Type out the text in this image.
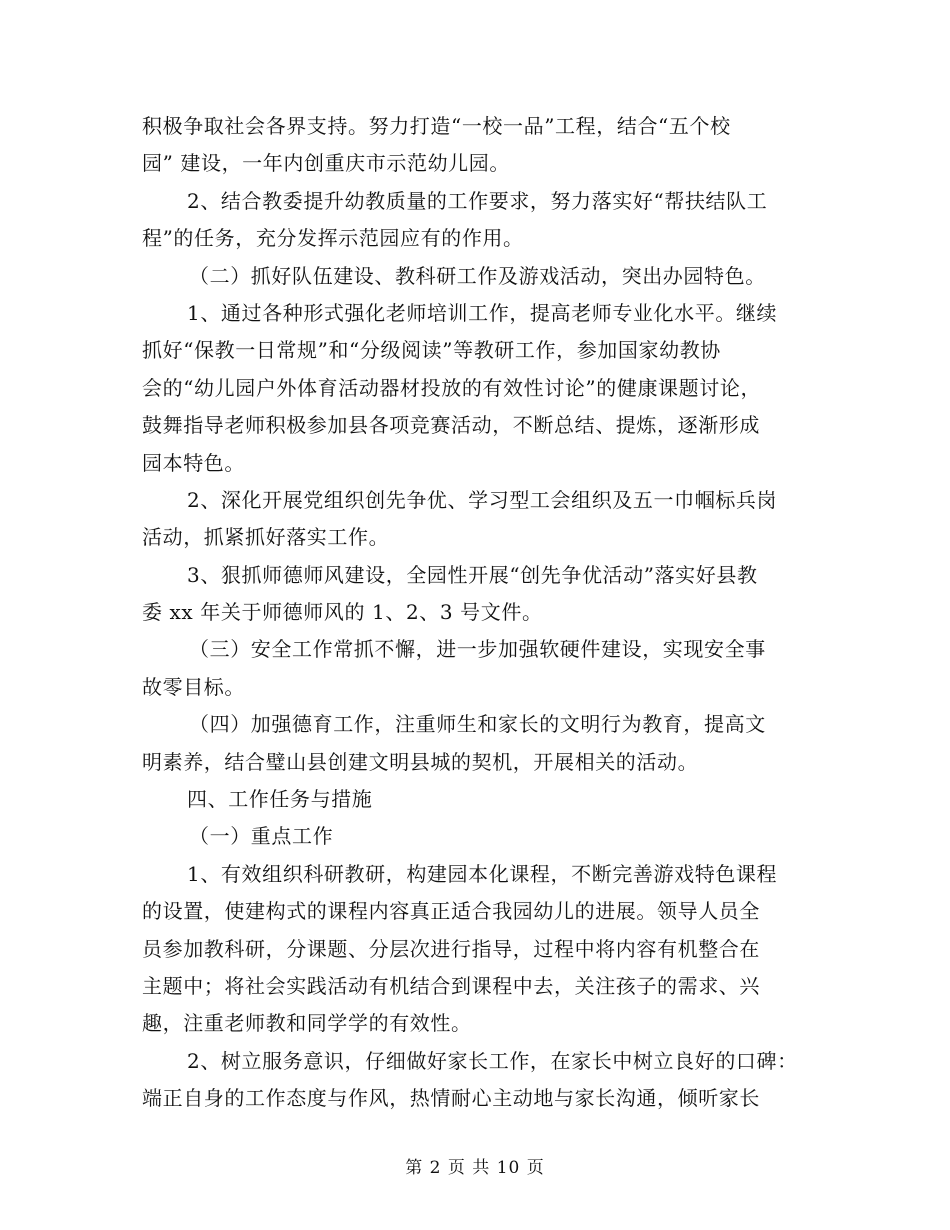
积极争取社会各界支持。努力打造“一校一品”工程，结合“五个校
园” 建设，一年内创重庆市示范幼儿园。
2、结合教委提升幼教质量的工作要求，努力落实好“帮扶结队工
程”的任务，充分发挥示范园应有的作用。
（二）抓好队伍建设、教科研工作及游戏活动，突出办园特色。
1、通过各种形式强化老师培训工作，提高老师专业化水平。继续
抓好“保教一日常规”和“分级阅读”等教研工作，参加国家幼教协
会的“幼儿园户外体育活动器材投放的有效性讨论”的健康课题讨论，
鼓舞指导老师积极参加县各项竞赛活动，不断总结、提炼，逐渐形成
园本特色。
2、深化开展党组织创先争优、学习型工会组织及五一巾帼标兵岗
活动，抓紧抓好落实工作。
3、狠抓师德师风建设，全园性开展“创先争优活动”落实好县教
委 xx 年关于师德师风的 1、2、3 号文件。
（三）安全工作常抓不懈，进一步加强软硬件建设，实现安全事
故零目标。
（四）加强德育工作，注重师生和家长的文明行为教育，提高文
明素养，结合璧山县创建文明县城的契机，开展相关的活动。
四、工作任务与措施
（一）重点工作
1、有效组织科研教研，构建园本化课程，不断完善游戏特色课程
的设置，使建构式的课程内容真正适合我园幼儿的进展。领导人员全
员参加教科研，分课题、分层次进行指导，过程中将内容有机整合在
主题中；将社会实践活动有机结合到课程中去，关注孩子的需求、兴
趣，注重老师教和同学学的有效性。
2、树立服务意识，仔细做好家长工作，在家长中树立良好的口碑：
端正自身的工作态度与作风，热情耐心主动地与家长沟通，倾听家长
第 2 页 共 10 页
